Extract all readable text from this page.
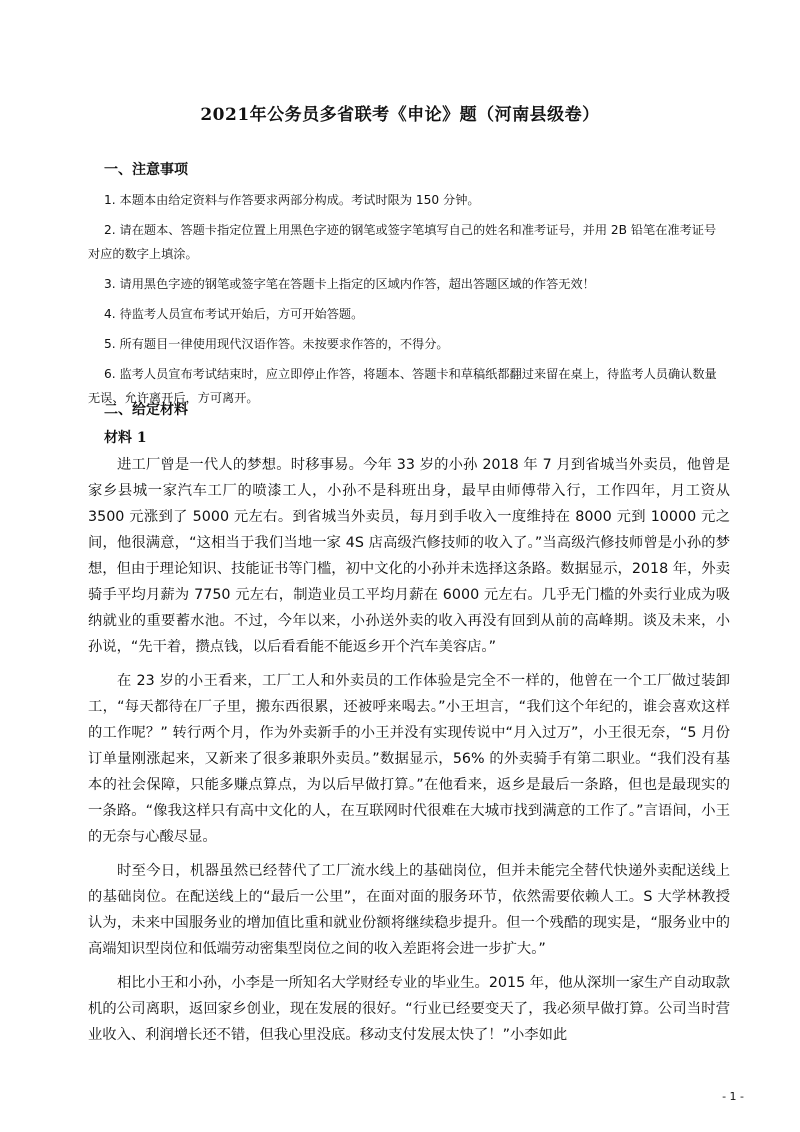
2021年公务员多省联考《申论》题（河南县级卷）
一、注意事项

1. 本题本由给定资料与作答要求两部分构成。考试时限为 150 分钟。

2. 请在题本、答题卡指定位置上用黑色字迹的钢笔或签字笔填写自己的姓名和准考证号，并用 2B 铅笔在准考证号对应的数字上填涂。

3. 请用黑色字迹的钢笔或签字笔在答题卡上指定的区域内作答，超出答题区域的作答无效！

4. 待监考人员宣布考试开始后，方可开始答题。

5. 所有题目一律使用现代汉语作答。未按要求作答的，不得分。

6. 监考人员宣布考试结束时，应立即停止作答，将题本、答题卡和草稿纸都翻过来留在桌上，待监考人员确认数量无误、允许离开后，方可离开。

二、给定材料
材料 1

进工厂曾是一代人的梦想。时移事易。今年 33 岁的小孙 2018 年 7 月到省城当外卖员，他曾是家乡县城一家汽车工厂的喷漆工人，小孙不是科班出身，最早由师傅带入行，工作四年，月工资从 3500 元涨到了 5000 元左右。到省城当外卖员，每月到手收入一度维持在 8000 元到 10000 元之间，他很满意，“这相当于我们当地一家 4S 店高级汽修技师的收入了。”当高级汽修技师曾是小孙的梦想，但由于理论知识、技能证书等门槛，初中文化的小孙并未选择这条路。数据显示，2018 年，外卖骑手平均月薪为 7750 元左右，制造业员工平均月薪在 6000 元左右。几乎无门槛的外卖行业成为吸纳就业的重要蓄水池。不过，今年以来，小孙送外卖的收入再没有回到从前的高峰期。谈及未来，小孙说，“先干着，攒点钱，以后看看能不能返乡开个汽车美容店。”

在 23 岁的小王看来，工厂工人和外卖员的工作体验是完全不一样的，他曾在一个工厂做过装卸工，“每天都待在厂子里，搬东西很累，还被呼来喝去。”小王坦言，“我们这个年纪的，谁会喜欢这样的工作呢？” 转行两个月，作为外卖新手的小王并没有实现传说中“月入过万”，小王很无奈，“5 月份订单量刚涨起来，又新来了很多兼职外卖员。”数据显示，56% 的外卖骑手有第二职业。“我们没有基本的社会保障，只能多赚点算点，为以后早做打算。”在他看来，返乡是最后一条路，但也是最现实的一条路。“像我这样只有高中文化的人，在互联网时代很难在大城市找到满意的工作了。”言语间，小王的无奈与心酸尽显。

时至今日，机器虽然已经替代了工厂流水线上的基础岗位，但并未能完全替代快递外卖配送线上的基础岗位。在配送线上的“最后一公里”，在面对面的服务环节，依然需要依赖人工。S 大学林教授认为，未来中国服务业的增加值比重和就业份额将继续稳步提升。但一个残酷的现实是，“服务业中的高端知识型岗位和低端劳动密集型岗位之间的收入差距将会进一步扩大。”

相比小王和小孙，小李是一所知名大学财经专业的毕业生。2015 年，他从深圳一家生产自动取款机的公司离职，返回家乡创业，现在发展的很好。“行业已经要变天了，我必须早做打算。公司当时营业收入、利润增长还不错，但我心里没底。移动支付发展太快了！”小李如此

- 1 -
